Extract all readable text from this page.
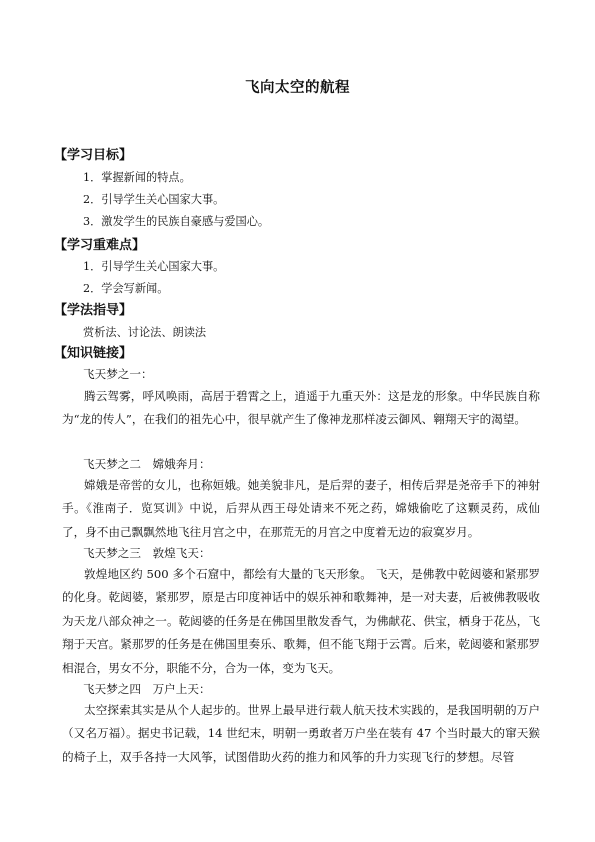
飞向太空的航程
【学习目标】
1．掌握新闻的特点。
2．引导学生关心国家大事。
3．激发学生的民族自豪感与爱国心。
【学习重难点】
1．引导学生关心国家大事。
2．学会写新闻。
【学法指导】
赏析法、讨论法、朗读法
【知识链接】
飞天梦之一：

腾云驾雾，呼风唤雨，高居于碧霄之上，逍遥于九重天外：这是龙的形象。中华民族自称为“龙的传人”，在我们的祖先心中，很早就产生了像神龙那样凌云御风、翱翔天宇的渴望。

飞天梦之二　嫦娥奔月：

嫦娥是帝喾的女儿，也称姮娥。她美貌非凡，是后羿的妻子，相传后羿是尧帝手下的神射手。《淮南子．览冥训》中说，后羿从西王母处请来不死之药，嫦娥偷吃了这颗灵药，成仙了，身不由己飘飘然地飞往月宫之中，在那荒无的月宫之中度着无边的寂寞岁月。

飞天梦之三　敦煌飞天：

敦煌地区约 500 多个石窟中，都绘有大量的飞天形象。 飞天，是佛教中乾闼婆和紧那罗的化身。乾闼婆，紧那罗，原是古印度神话中的娱乐神和歌舞神，是一对夫妻，后被佛教吸收为天龙八部众神之一。乾闼婆的任务是在佛国里散发香气，为佛献花、供宝，栖身于花丛，飞翔于天宫。紧那罗的任务是在佛国里奏乐、歌舞，但不能飞翔于云霄。后来，乾闼婆和紧那罗相混合，男女不分，职能不分，合为一体，变为飞天。

飞天梦之四　万户上天：

太空探索其实是从个人起步的。世界上最早进行载人航天技术实践的，是我国明朝的万户（又名万福）。据史书记载，14 世纪末，明朝一勇敢者万户坐在装有 47 个当时最大的窜天猴的椅子上，双手各持一大风筝，试图借助火药的推力和风筝的升力实现飞行的梦想。尽管
